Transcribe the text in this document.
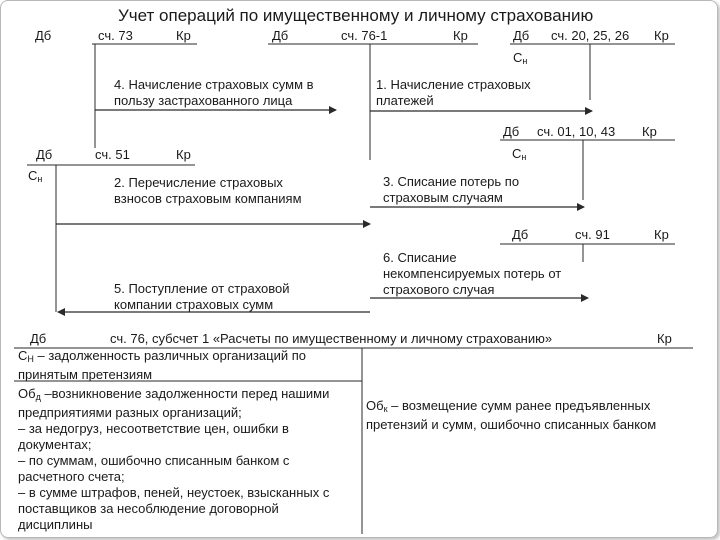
Учет операций по имущественному и личному страхованию
Дб	сч. 73	Кр	Дб	сч. 76-1	Кр	Дб сч. 20, 25, 26 Кр
$С_н$
4. Начисление страховых сумм в пользу застрахованного лица
1. Начисление страховых платежей
Дб сч. 01, 10, 43 Кр
$С_н$
Дб	сч. 51	Кр
$С_н$	2. Перечисление страховых взносов страховым компаниям
3. Списание потерь по страховым случаям
Дб	сч. 91	Кр
6. Списание некомпенсируемых потерь от страхового случая
5. Поступление от страховой компании страховых сумм
Дб	сч. 76, субсчет 1 «Расчеты по имущественному и личному страхованию»	Кр
$С_Н$ – задолженность различных организаций по принятым претензиям
$Об_д$ –возникновение задолженности перед нашими предприятиями разных организаций;
– за недогруз, несоответствие цен, ошибки в документах;
– по суммам, ошибочно списанным банком с расчетного счета;
– в сумме штрафов, пеней, неустоек, взысканных с поставщиков за несоблюдение договорной дисциплины
$Об_к$ – возмещение сумм ранее предъявленных претензий и сумм, ошибочно списанных банком
